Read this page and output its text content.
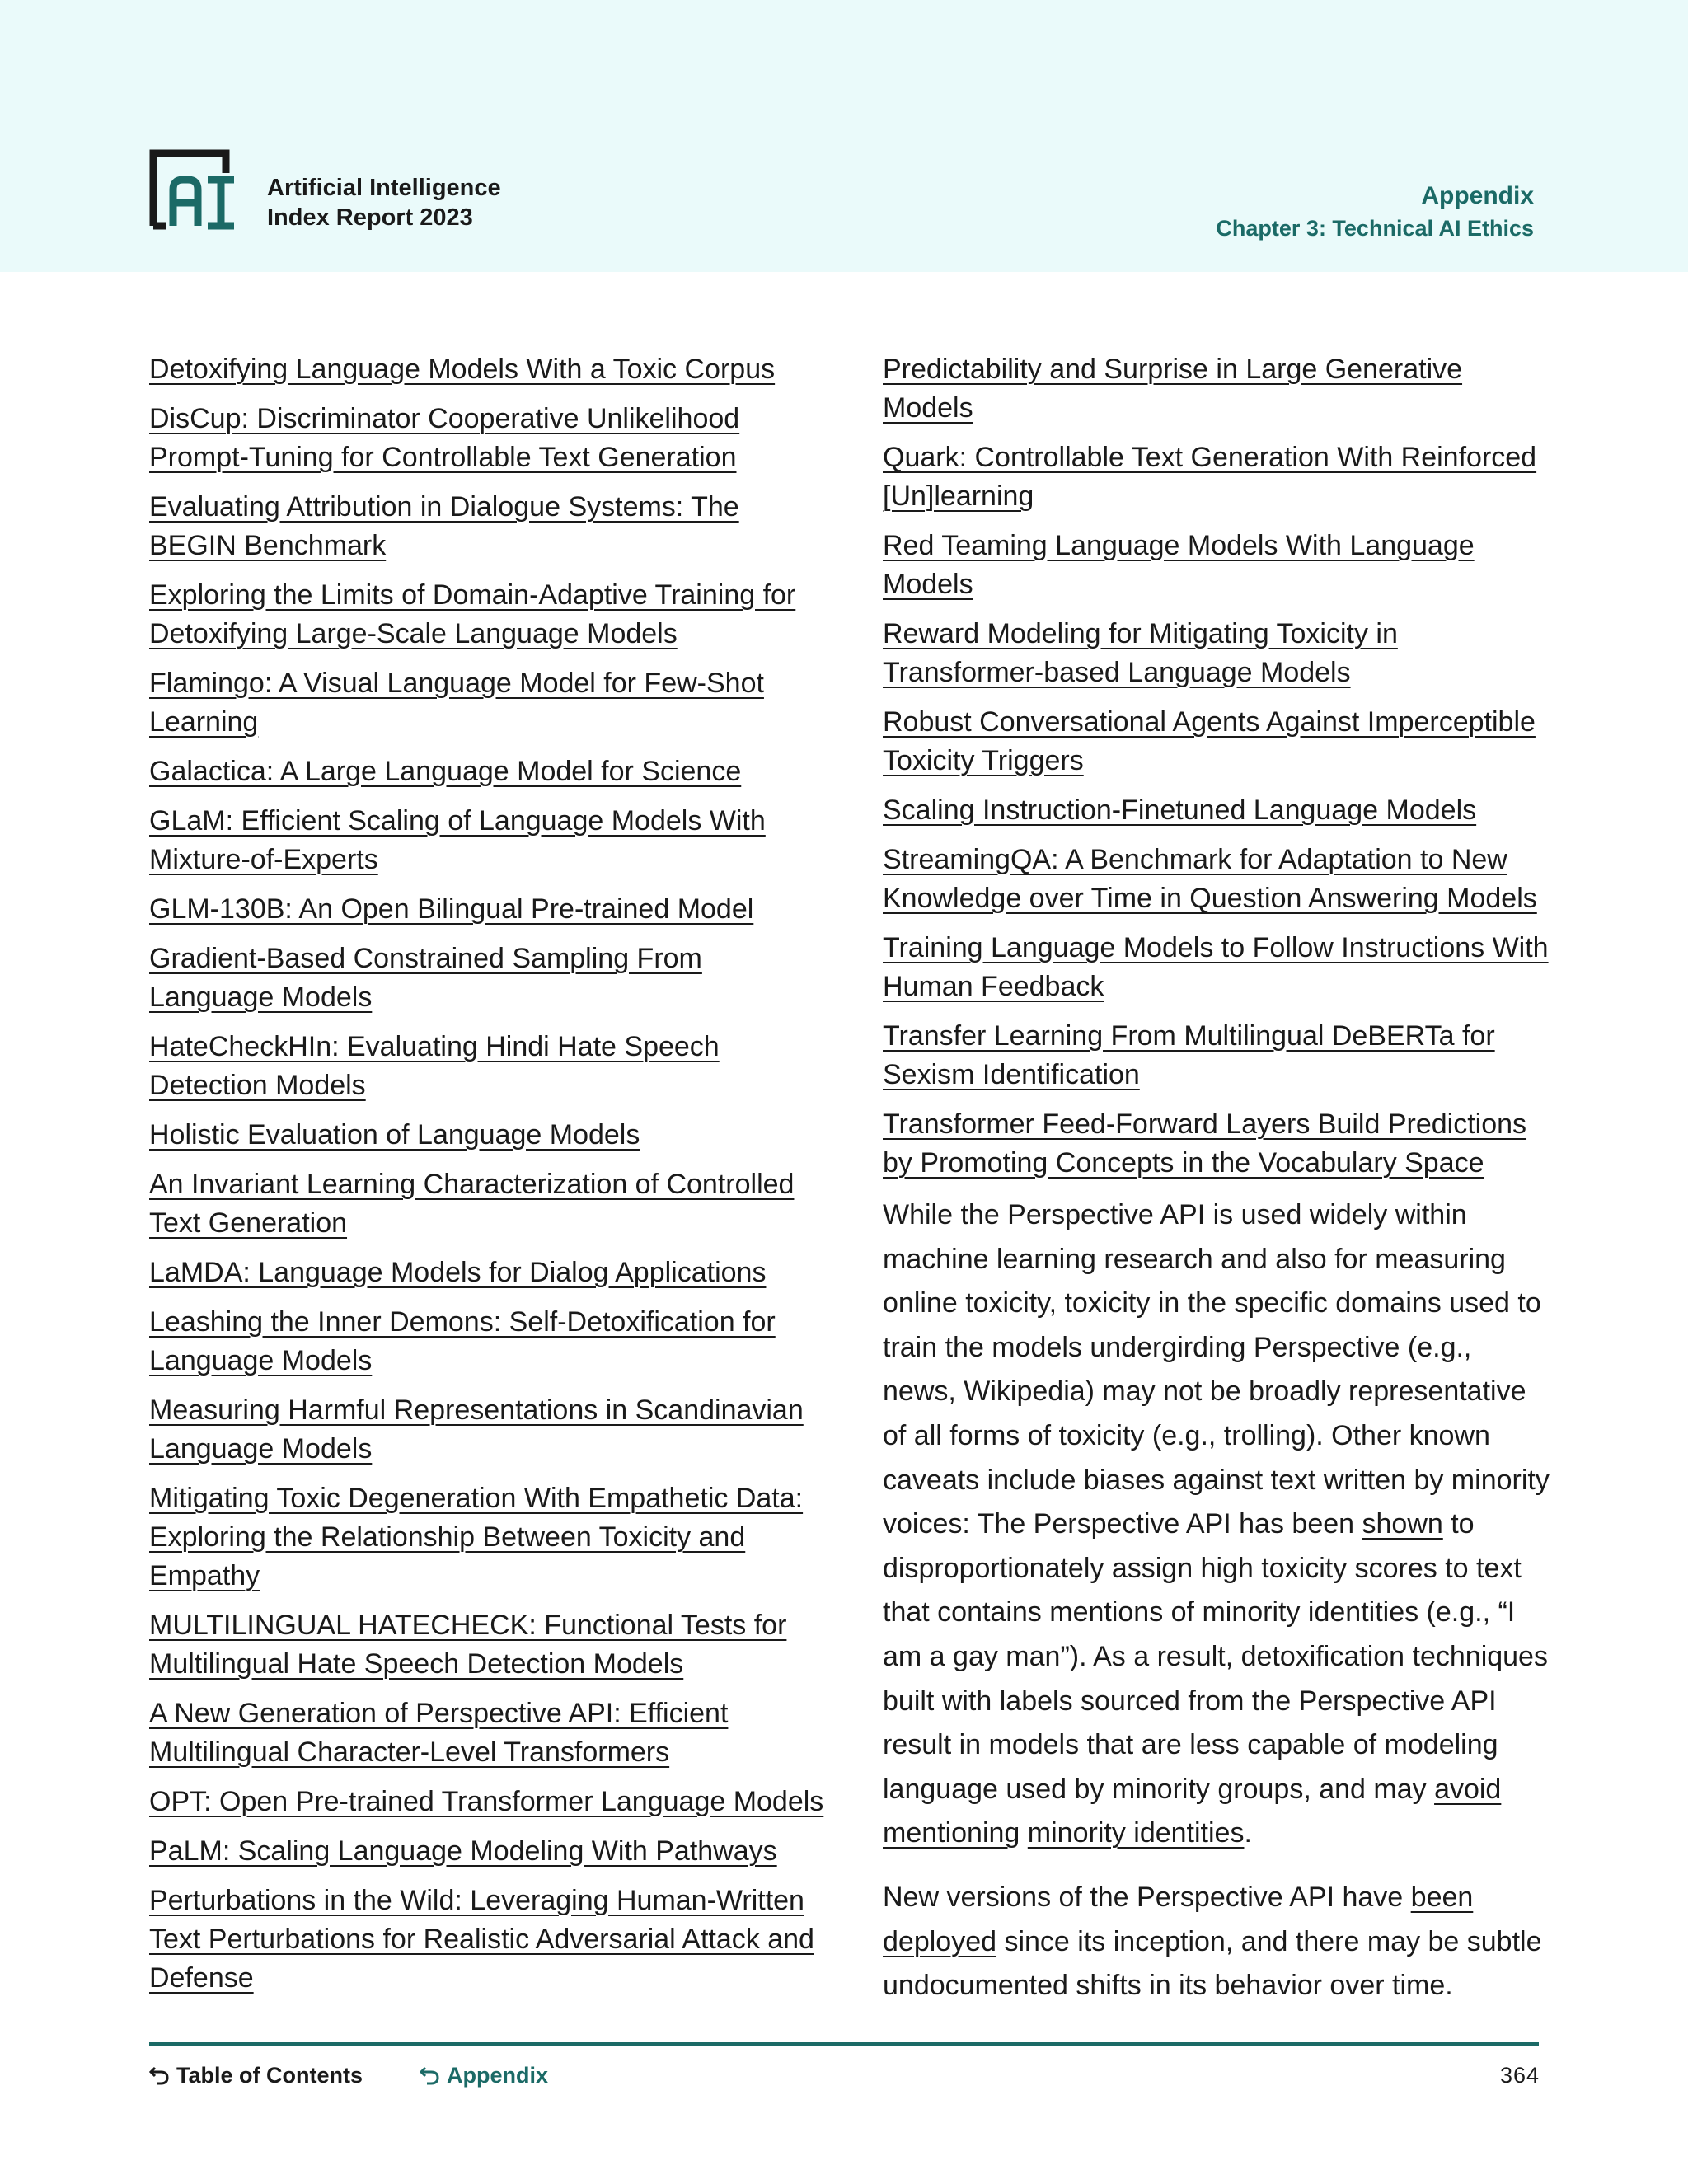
Artificial Intelligence
Index Report 2023
Appendix
Chapter 3: Technical AI Ethics
Detoxifying Language Models With a Toxic Corpus
DisCup: Discriminator Cooperative Unlikelihood Prompt-Tuning for Controllable Text Generation
Evaluating Attribution in Dialogue Systems: The BEGIN Benchmark
Exploring the Limits of Domain-Adaptive Training for Detoxifying Large-Scale Language Models
Flamingo: A Visual Language Model for Few-Shot Learning
Galactica: A Large Language Model for Science
GLaM: Efficient Scaling of Language Models With Mixture-of-Experts
GLM-130B: An Open Bilingual Pre-trained Model
Gradient-Based Constrained Sampling From Language Models
HateCheckHIn: Evaluating Hindi Hate Speech Detection Models
Holistic Evaluation of Language Models
An Invariant Learning Characterization of Controlled Text Generation
LaMDA: Language Models for Dialog Applications
Leashing the Inner Demons: Self-Detoxification for Language Models
Measuring Harmful Representations in Scandinavian Language Models
Mitigating Toxic Degeneration With Empathetic Data: Exploring the Relationship Between Toxicity and Empathy
MULTILINGUAL HATECHECK: Functional Tests for Multilingual Hate Speech Detection Models
A New Generation of Perspective API: Efficient Multilingual Character-Level Transformers
OPT: Open Pre-trained Transformer Language Models
PaLM: Scaling Language Modeling With Pathways
Perturbations in the Wild: Leveraging Human-Written Text Perturbations for Realistic Adversarial Attack and Defense
Predictability and Surprise in Large Generative Models
Quark: Controllable Text Generation With Reinforced [Un]learning
Red Teaming Language Models With Language Models
Reward Modeling for Mitigating Toxicity in Transformer-based Language Models
Robust Conversational Agents Against Imperceptible Toxicity Triggers
Scaling Instruction-Finetuned Language Models
StreamingQA: A Benchmark for Adaptation to New Knowledge over Time in Question Answering Models
Training Language Models to Follow Instructions With Human Feedback
Transfer Learning From Multilingual DeBERTa for Sexism Identification
Transformer Feed-Forward Layers Build Predictions by Promoting Concepts in the Vocabulary Space

While the Perspective API is used widely within machine learning research and also for measuring online toxicity, toxicity in the specific domains used to train the models undergirding Perspective (e.g., news, Wikipedia) may not be broadly representative of all forms of toxicity (e.g., trolling). Other known caveats include biases against text written by minority voices: The Perspective API has been shown to disproportionately assign high toxicity scores to text that contains mentions of minority identities (e.g., “I am a gay man”). As a result, detoxification techniques built with labels sourced from the Perspective API result in models that are less capable of modeling language used by minority groups, and may avoid mentioning minority identities.

New versions of the Perspective API have been deployed since its inception, and there may be subtle undocumented shifts in its behavior over time.

Table of Contents	Appendix	364
